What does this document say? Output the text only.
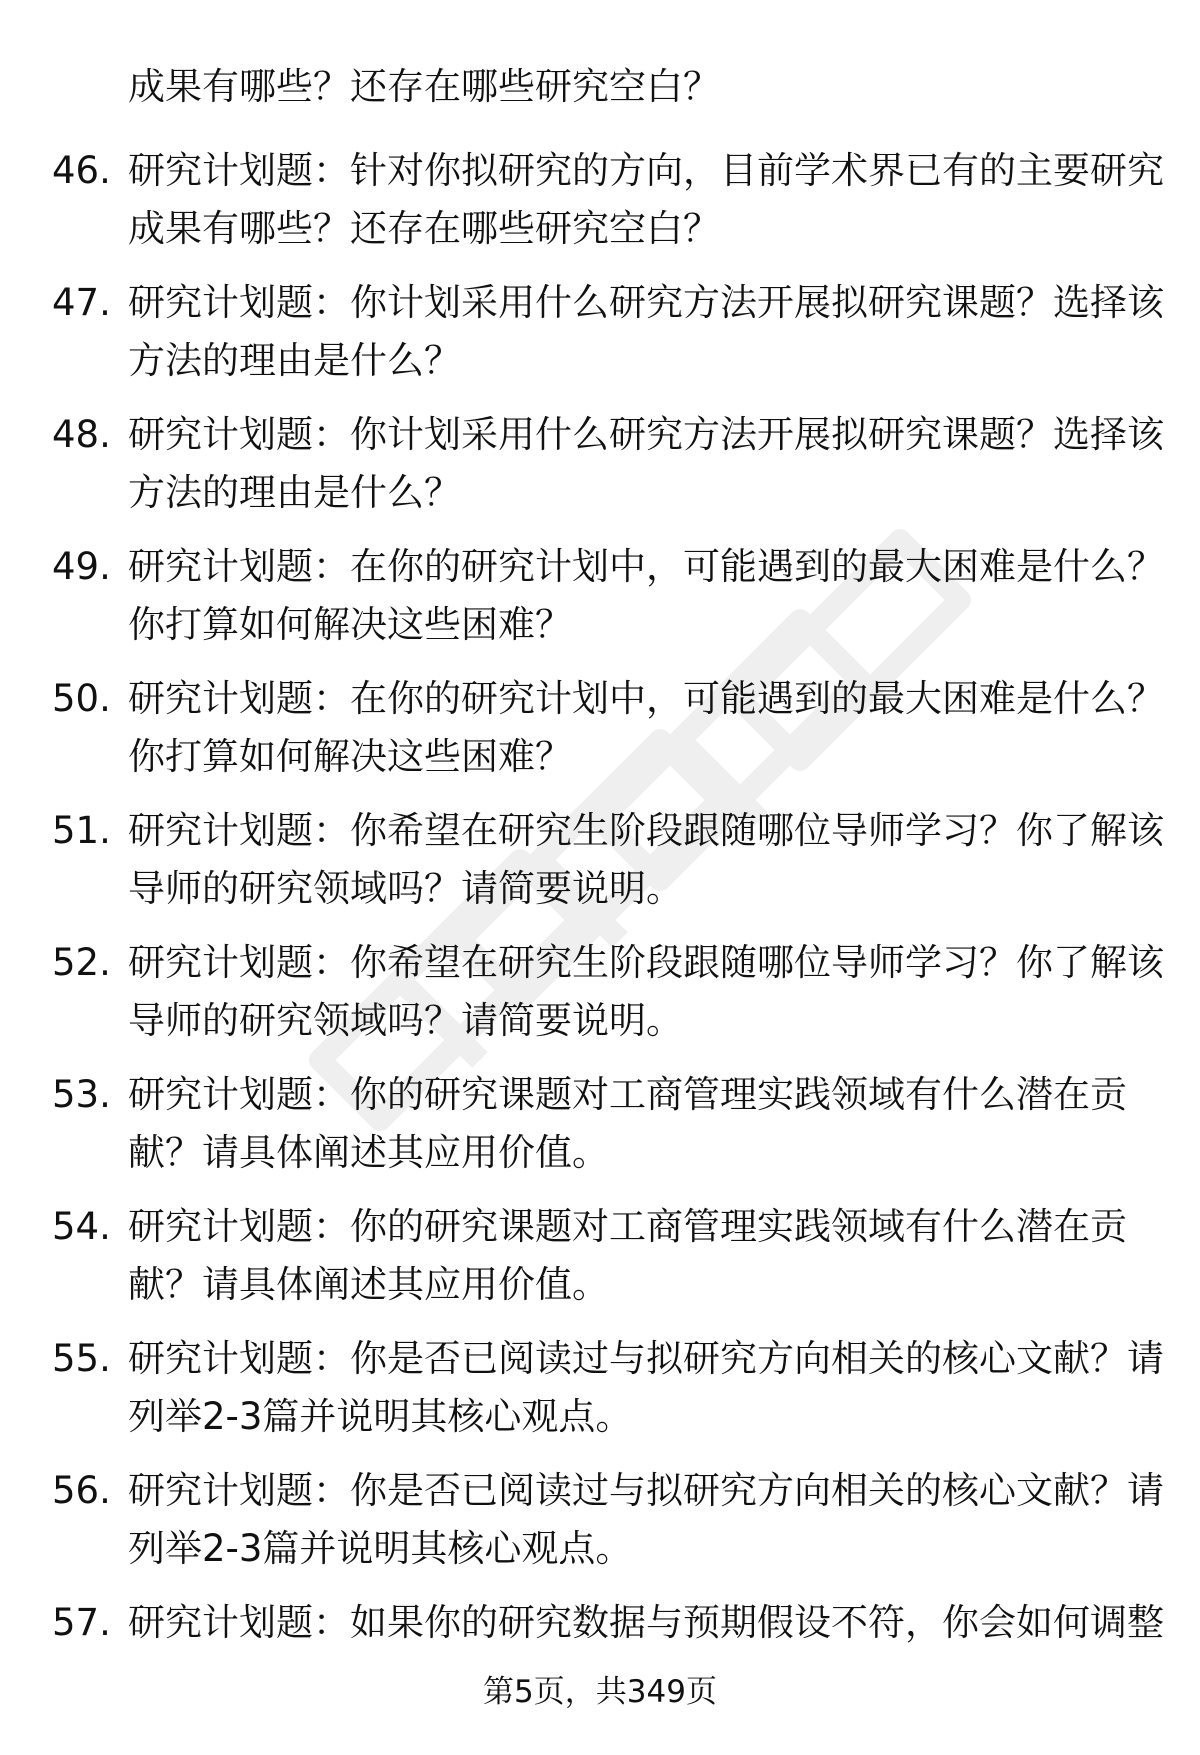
成果有哪些？还存在哪些研究空白？
46. 研究计划题：针对你拟研究的方向，目前学术界已有的主要研究
成果有哪些？还存在哪些研究空白？
47. 研究计划题：你计划采用什么研究方法开展拟研究课题？选择该
方法的理由是什么？
48. 研究计划题：你计划采用什么研究方法开展拟研究课题？选择该
方法的理由是什么？
49. 研究计划题：在你的研究计划中，可能遇到的最大困难是什么？
你打算如何解决这些困难？
50. 研究计划题：在你的研究计划中，可能遇到的最大困难是什么？
你打算如何解决这些困难？
51. 研究计划题：你希望在研究生阶段跟随哪位导师学习？你了解该
导师的研究领域吗？请简要说明。
52. 研究计划题：你希望在研究生阶段跟随哪位导师学习？你了解该
导师的研究领域吗？请简要说明。
53. 研究计划题：你的研究课题对工商管理实践领域有什么潜在贡
献？请具体阐述其应用价值。
54. 研究计划题：你的研究课题对工商管理实践领域有什么潜在贡
献？请具体阐述其应用价值。
55. 研究计划题：你是否已阅读过与拟研究方向相关的核心文献？请
列举2-3篇并说明其核心观点。
56. 研究计划题：你是否已阅读过与拟研究方向相关的核心文献？请
列举2-3篇并说明其核心观点。
57. 研究计划题：如果你的研究数据与预期假设不符，你会如何调整
第5页，共349页
